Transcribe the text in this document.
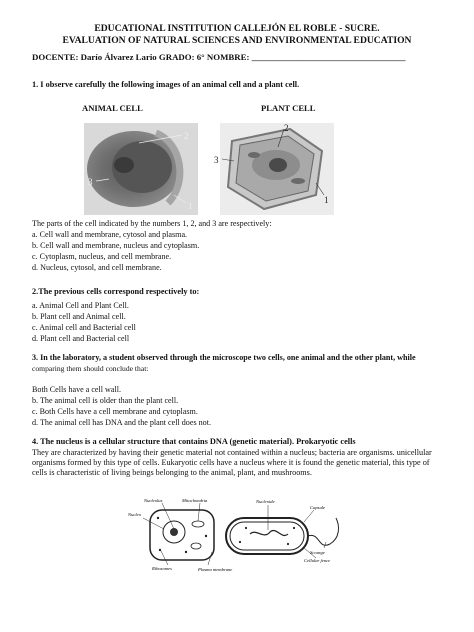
EDUCATIONAL INSTITUTION CALLEJÓN EL ROBLE - SUCRE.
EVALUATION OF NATURAL SCIENCES AND ENVIRONMENTAL EDUCATION
DOCENTE: Darío Álvarez Lario GRADO: 6° NOMBRE: ___________________________________
1. I observe carefully the following images of an animal cell and a plant cell.
ANIMAL CELL	PLANT CELL
2
3
1
3
2
1
The parts of the cell indicated by the numbers 1, 2, and 3 are respectively:
a. Cell wall and membrane, cytosol and plasma.
b. Cell wall and membrane, nucleus and cytoplasm.
c. Cytoplasm, nucleus, and cell membrane.
d. Nucleus, cytosol, and cell membrane.
2.The previous cells correspond respectively to:
a. Animal Cell and Plant Cell.
b. Plant cell and Animal cell.
c. Animal cell and Bacterial cell
d. Plant cell and Bacterial cell
3. In the laboratory, a student observed through the microscope two cells, one animal and the other plant, while
comparing them should conclude that:
Both Cells have a cell wall.
b. The animal cell is older than the plant cell.
c. Both Cells have a cell membrane and cytoplasm.
d. The animal cell has DNA and the plant cell does not.
4. The nucleus is a cellular structure that contains DNA (genetic material). Prokaryotic cells
They are characterized by having their genetic material not contained within a nucleus; bacteria are organisms. unicellular organisms formed by this type of cells. Eukaryotic cells have a nucleus where it is found the genetic material, this type of cells is characteristic of living beings belonging to the animal, plant, and mushrooms.
Nucleolus	Mitochondria
Nucleo
Ribosomes	Plasma membrane
Nucleoide
Capsule
Scourge
Cellular fence
